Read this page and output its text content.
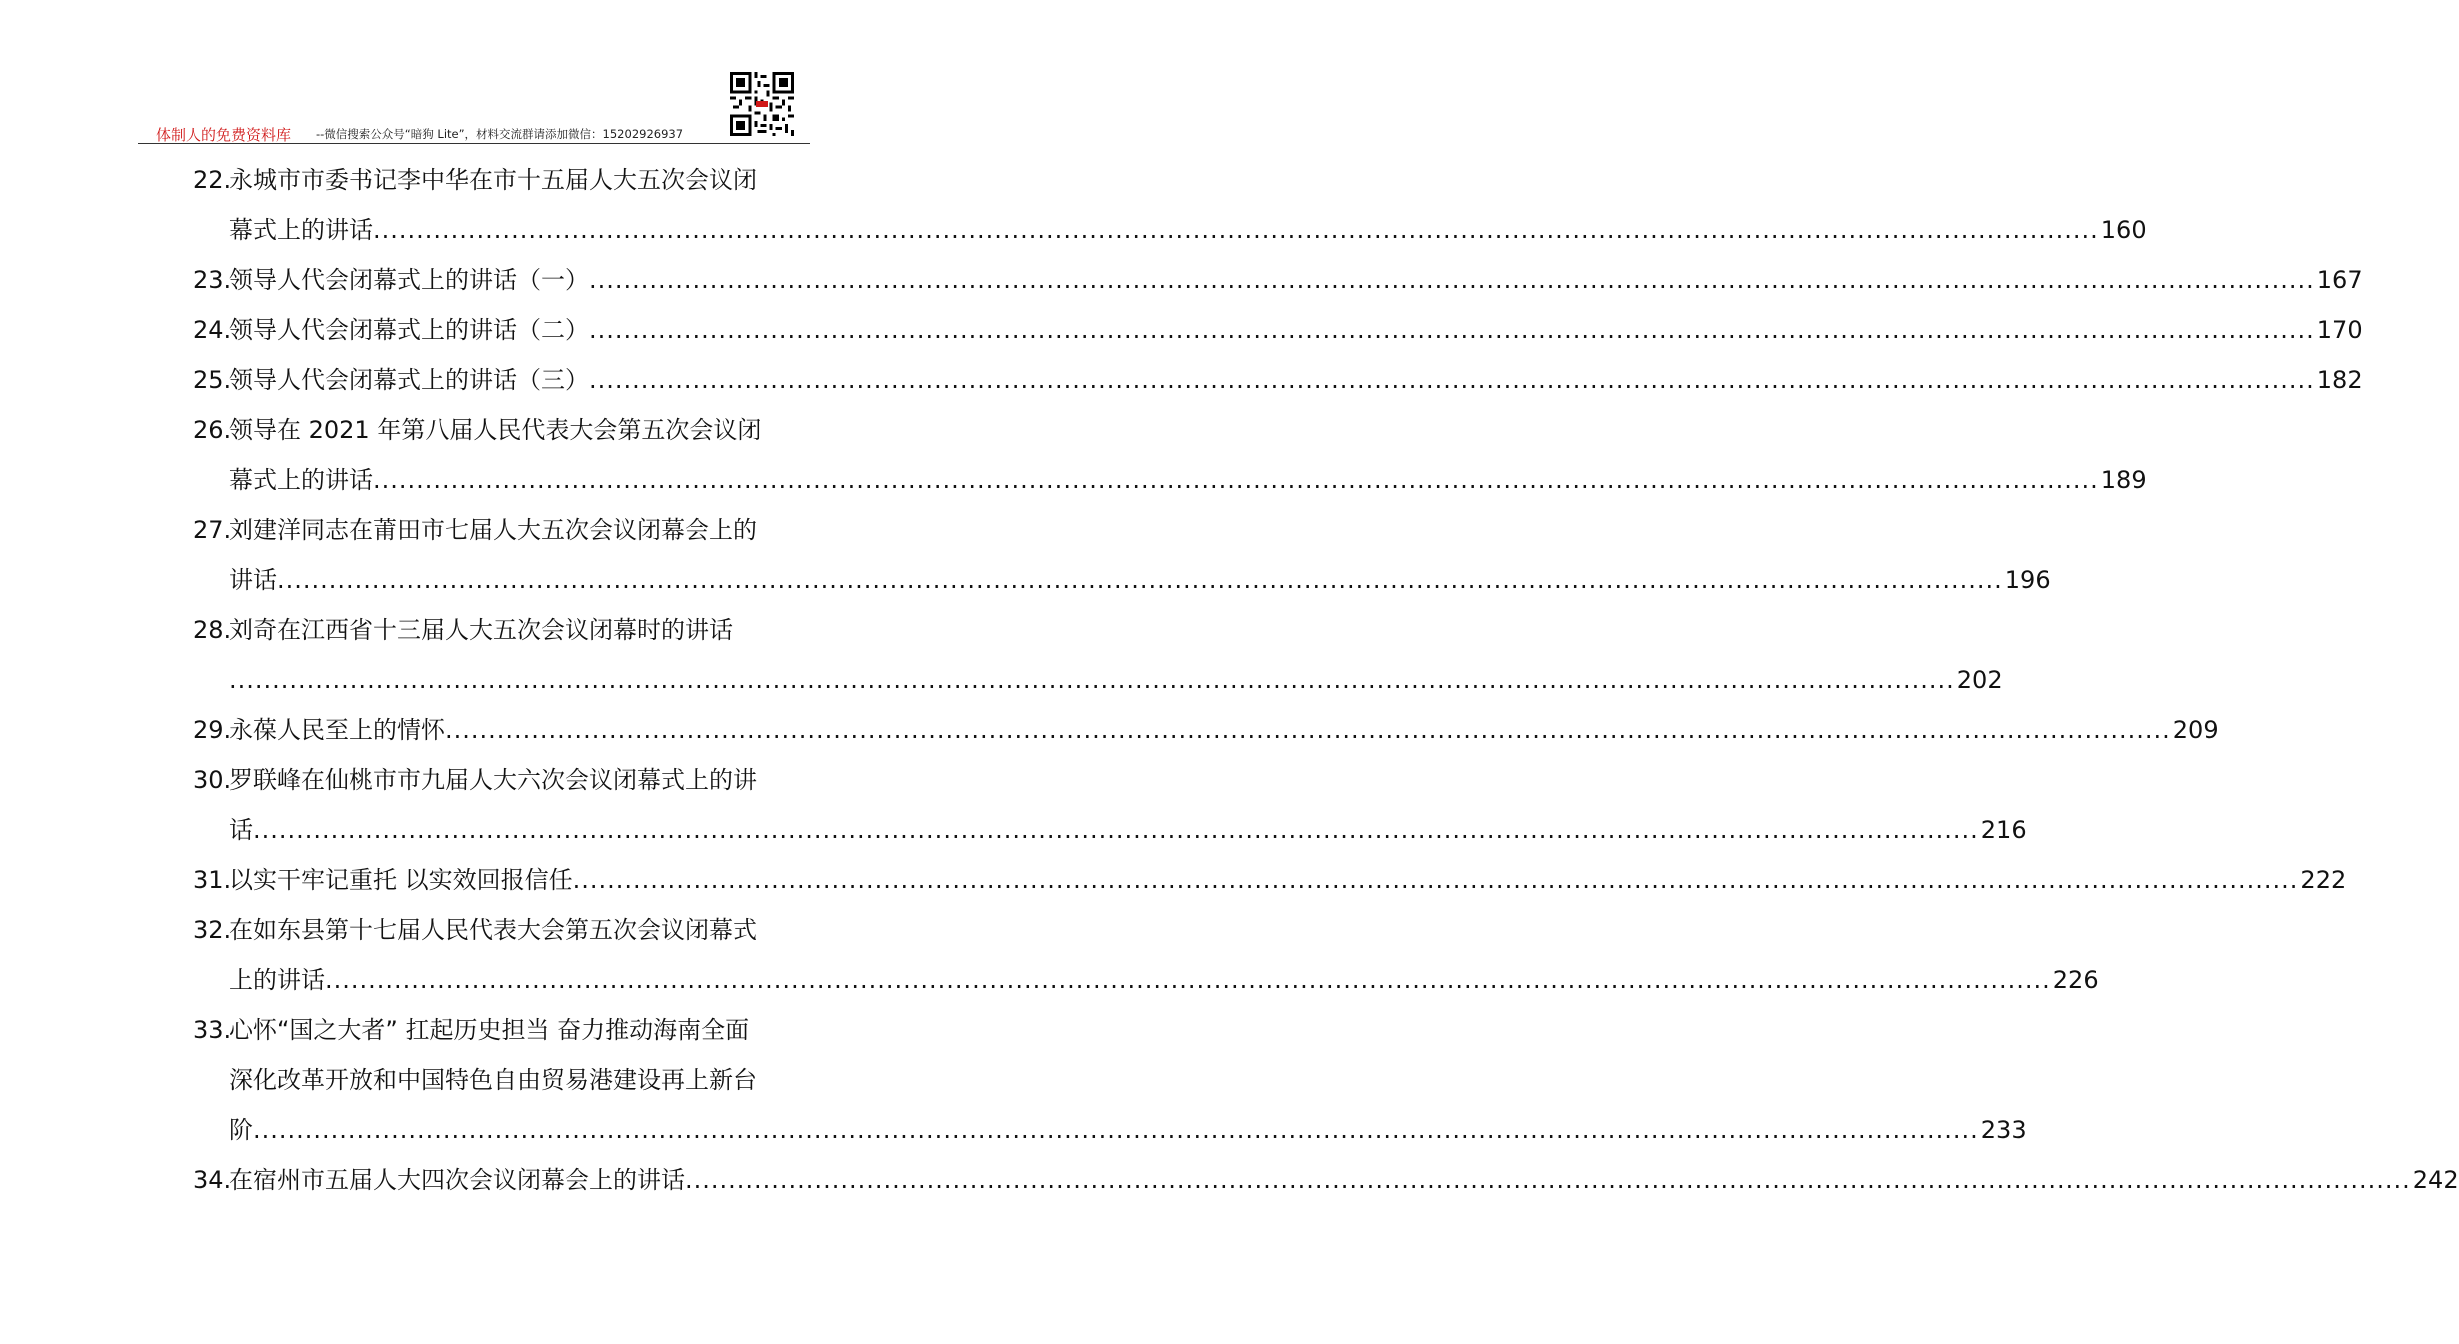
体制人的免费资料库 --微信搜索公众号“暗狗 Lite”，材料交流群请添加微信：15202926937
22.
永城市市委书记李中华在市十五届人大五次会议闭
幕式上的讲话 ........................................................................................................................................................................................................ 160
23.
领导人代会闭幕式上的讲话（一） ........................................................................................................................................................................................................ 167
24.
领导人代会闭幕式上的讲话（二） ........................................................................................................................................................................................................ 170
25.
领导人代会闭幕式上的讲话（三） ........................................................................................................................................................................................................ 182
26.
领导在 2021 年第八届人民代表大会第五次会议闭
幕式上的讲话 ........................................................................................................................................................................................................ 189
27.
刘建洋同志在莆田市七届人大五次会议闭幕会上的
讲话 ........................................................................................................................................................................................................ 196
28.
刘奇在江西省十三届人大五次会议闭幕时的讲话
........................................................................................................................................................................................................ 202
29.
永葆人民至上的情怀 ........................................................................................................................................................................................................ 209
30.
罗联峰在仙桃市市九届人大六次会议闭幕式上的讲
话 ........................................................................................................................................................................................................ 216
31.
以实干牢记重托 以实效回报信任 ........................................................................................................................................................................................................ 222
32.
在如东县第十七届人民代表大会第五次会议闭幕式
上的讲话 ........................................................................................................................................................................................................ 226
33.
心怀“国之大者” 扛起历史担当 奋力推动海南全面
深化改革开放和中国特色自由贸易港建设再上新台
阶 ........................................................................................................................................................................................................ 233
34.
在宿州市五届人大四次会议闭幕会上的讲话 ........................................................................................................................................................................................................ 242
